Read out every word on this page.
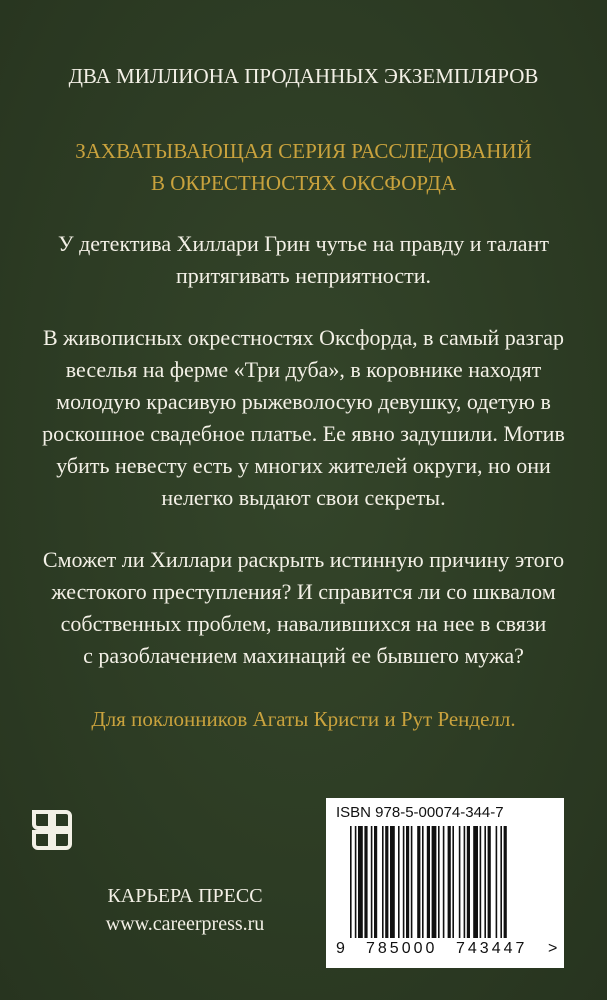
ДВА МИЛЛИОНА ПРОДАННЫХ ЭКЗЕМПЛЯРОВ
ЗАХВАТЫВАЮЩАЯ СЕРИЯ РАССЛЕДОВАНИЙ
В ОКРЕСТНОСТЯХ ОКСФОРДА
У детектива Хиллари Грин чутье на правду и талант
притягивать неприятности.
В живописных окрестностях Оксфорда, в самый разгар
веселья на ферме «Три дуба», в коровнике находят
молодую красивую рыжеволосую девушку, одетую в
роскошное свадебное платье. Ее явно задушили. Мотив
убить невесту есть у многих жителей округи, но они
нелегко выдают свои секреты.
Сможет ли Хиллари раскрыть истинную причину этого
жестокого преступления? И справится ли со шквалом
собственных проблем, навалившихся на нее в связи
с разоблачением махинаций ее бывшего мужа?
Для поклонников Агаты Кристи и Рут Ренделл.
КАРЬЕРА ПРЕСС
www.careerpress.ru
ISBN 978-5-00074-344-7
9 785000 743447 >
